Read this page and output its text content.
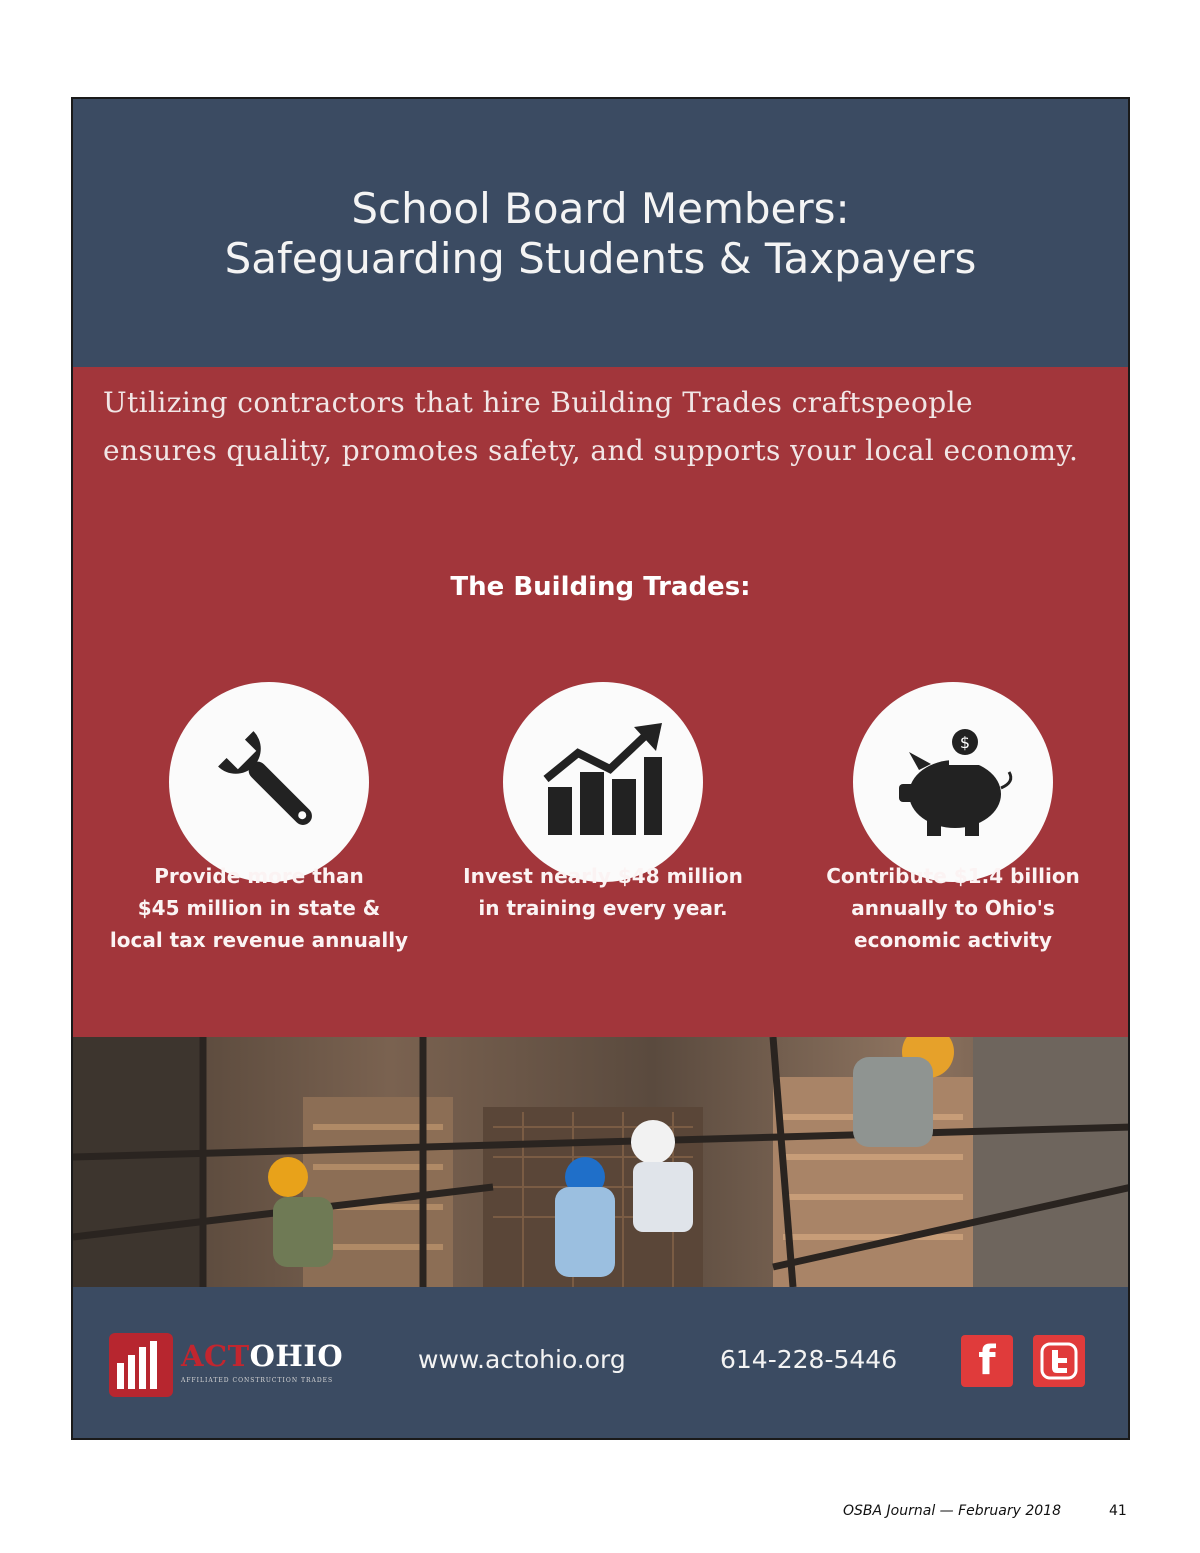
School Board Members:
Safeguarding Students & Taxpayers

Utilizing contractors that hire Building Trades craftspeople ensures quality, promotes safety, and supports your local economy.

The Building Trades:
$

Provide more than
$45 million in state &
local tax revenue annually

Invest nearly $48 million
in training every year.

Contribute $1.4 billion
annually to Ohio's
economic activity

ACTOHIO
AFFILIATED CONSTRUCTION TRADES
www.actohio.org	614-228-5446 f
OSBA Journal — February 2018	41
